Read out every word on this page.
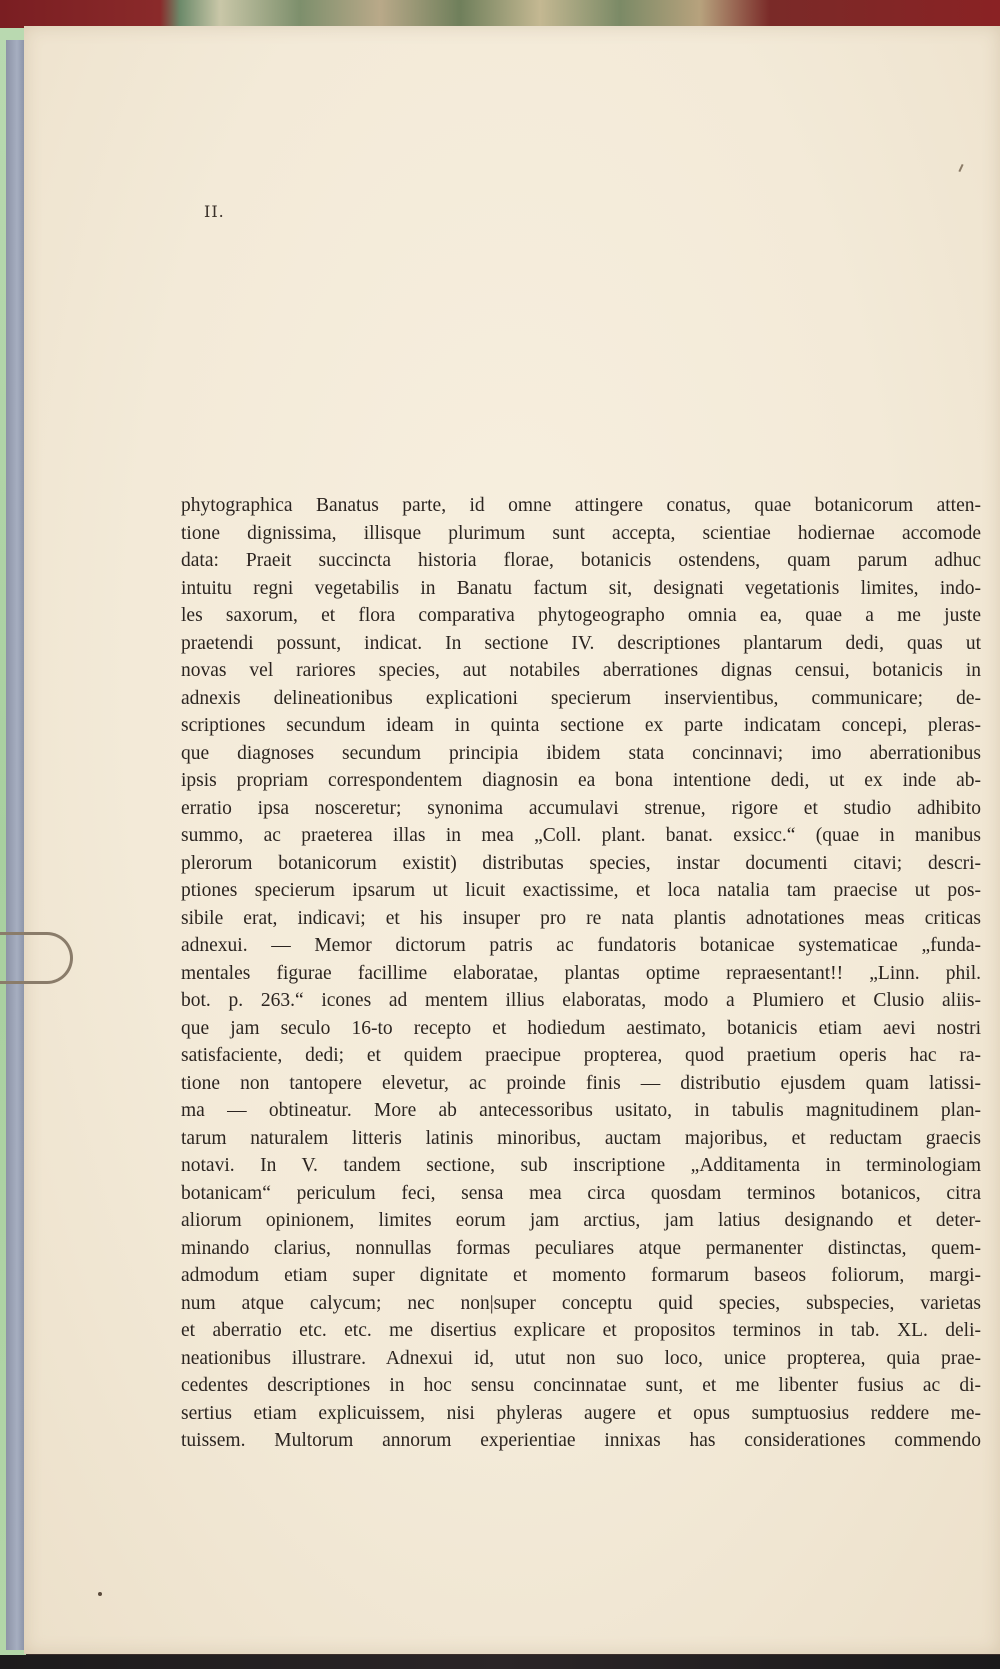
II.
phytographica Banatus parte, id omne attingere conatus, quae botanicorum atten-
tione dignissima, illisque plurimum sunt accepta, scientiae hodiernae accomode
data: Praeit succincta historia florae, botanicis ostendens, quam parum adhuc
intuitu regni vegetabilis in Banatu factum sit, designati vegetationis limites, indo-
les saxorum, et flora comparativa phytogeographo omnia ea, quae a me juste
praetendi possunt, indicat. In sectione IV. descriptiones plantarum dedi, quas ut
novas vel rariores species, aut notabiles aberrationes dignas censui, botanicis in
adnexis delineationibus explicationi specierum inservientibus, communicare; de-
scriptiones secundum ideam in quinta sectione ex parte indicatam concepi, pleras-
que diagnoses secundum principia ibidem stata concinnavi; imo aberrationibus
ipsis propriam correspondentem diagnosin ea bona intentione dedi, ut ex inde ab-
erratio ipsa nosceretur; synonima accumulavi strenue, rigore et studio adhibito
summo, ac praeterea illas in mea „Coll. plant. banat. exsicc.“ (quae in manibus
plerorum botanicorum existit) distributas species, instar documenti citavi; descri-
ptiones specierum ipsarum ut licuit exactissime, et loca natalia tam praecise ut pos-
sibile erat, indicavi; et his insuper pro re nata plantis adnotationes meas criticas
adnexui. — Memor dictorum patris ac fundatoris botanicae systematicae „funda-
mentales figurae facillime elaboratae, plantas optime repraesentant!! „Linn. phil.
bot. p. 263.“ icones ad mentem illius elaboratas, modo a Plumiero et Clusio aliis-
que jam seculo 16-to recepto et hodiedum aestimato, botanicis etiam aevi nostri
satisfaciente, dedi; et quidem praecipue propterea, quod praetium operis hac ra-
tione non tantopere elevetur, ac proinde finis — distributio ejusdem quam latissi-
ma — obtineatur. More ab antecessoribus usitato, in tabulis magnitudinem plan-
tarum naturalem litteris latinis minoribus, auctam majoribus, et reductam graecis
notavi. In V. tandem sectione, sub inscriptione „Additamenta in terminologiam
botanicam“ periculum feci, sensa mea circa quosdam terminos botanicos, citra
aliorum opinionem, limites eorum jam arctius, jam latius designando et deter-
minando clarius, nonnullas formas peculiares atque permanenter distinctas, quem-
admodum etiam super dignitate et momento formarum baseos foliorum, margi-
num atque calycum; nec non|super conceptu quid species, subspecies, varietas
et aberratio etc. etc. me disertius explicare et propositos terminos in tab. XL. deli-
neationibus illustrare. Adnexui id, utut non suo loco, unice propterea, quia prae-
cedentes descriptiones in hoc sensu concinnatae sunt, et me libenter fusius ac di-
sertius etiam explicuissem, nisi phyleras augere et opus sumptuosius reddere me-
tuissem. Multorum annorum experientiae innixas has considerationes commendo
